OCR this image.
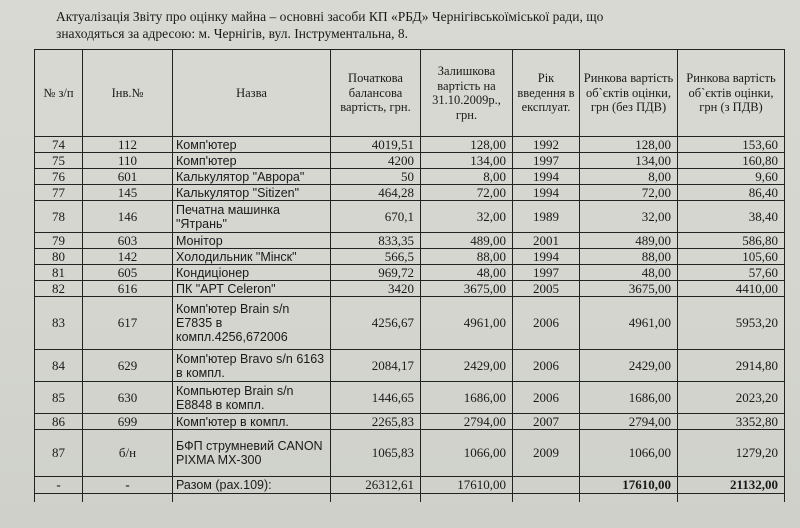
Актуалізація Звіту про оцінку майна – основні засоби КП «РБД» Чернігівськоїміської ради, що

знаходяться за адресою: м. Чернігів, вул. Інструментальна, 8.

№ з/п	Інв.№	Назва	Початкова балансова вартість, грн.	Залишкова вартість на 31.10.2009р., грн.	Рік введення в експлуат.	Ринкова вартість об`єктів оцінки, грн (без ПДВ)	Ринкова вартість об`єктів оцінки, грн (з ПДВ)
74	112	Комп'ютер	4019,51	128,00	1992	128,00	153,60
75	110	Комп'ютер	4200	134,00	1997	134,00	160,80
76	601	Калькулятор "Аврора"	50	8,00	1994	8,00	9,60
77	145	Калькулятор "Sitizen"	464,28	72,00	1994	72,00	86,40
78	146	Печатна машинка "Ятрань"	670,1	32,00	1989	32,00	38,40
79	603	Монітор	833,35	489,00	2001	489,00	586,80
80	142	Холодильник "Мінск"	566,5	88,00	1994	88,00	105,60
81	605	Кондиціонер	969,72	48,00	1997	48,00	57,60
82	616	ПК "АРТ Celeron"	3420	3675,00	2005	3675,00	4410,00
83	617	Комп'ютер Brain s/n E7835 в компл.4256,672006	4256,67	4961,00	2006	4961,00	5953,20
84	629	Комп'ютер Bravo s/n 6163 в компл.	2084,17	2429,00	2006	2429,00	2914,80
85	630	Компьютер Brain s/n E8848 в компл.	1446,65	1686,00	2006	1686,00	2023,20
86	699	Комп'ютер в компл.	2265,83	2794,00	2007	2794,00	3352,80
87	б/н	БФП струмневий CANON PIXMA MX-300	1065,83	1066,00	2009	1066,00	1279,20
-	-	Разом (рах.109):	26312,61	17610,00		17610,00	21132,00
